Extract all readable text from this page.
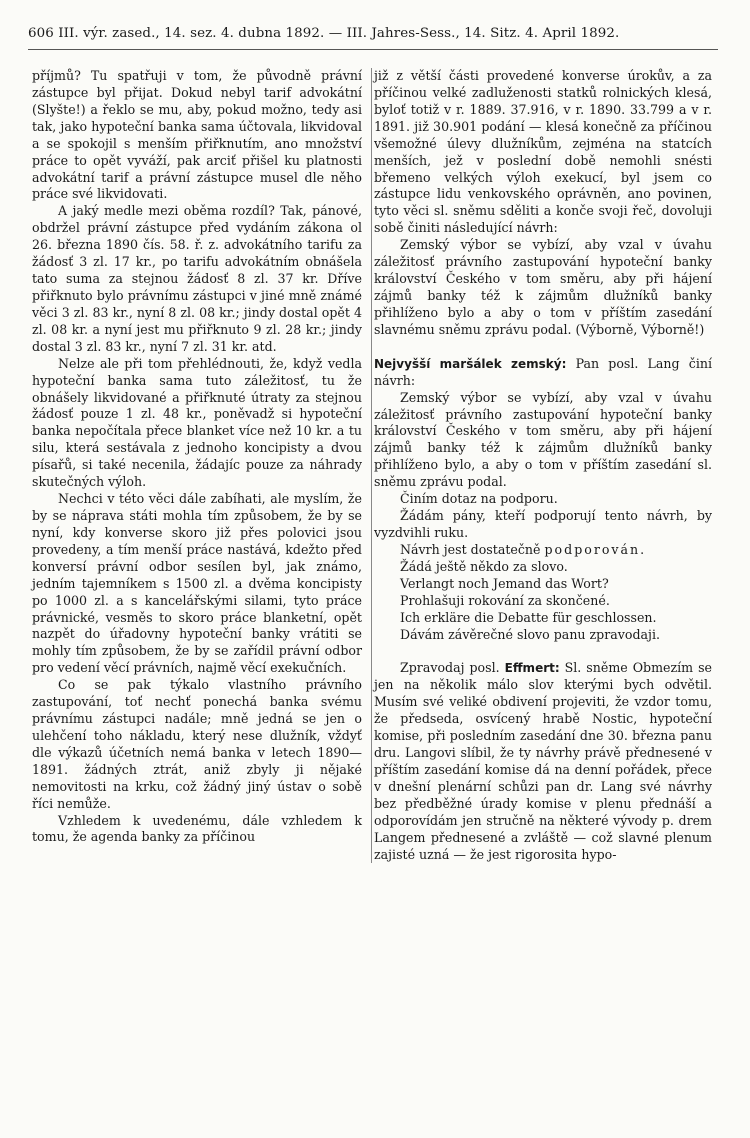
606 III. výr. zased., 14. sez. 4. dubna 1892. — III. Jahres-Sess., 14. Sitz. 4. April 1892.

příjmů? Tu spatřuji v tom, že původně právní zástupce byl přijat. Dokud nebyl tarif advokátní (Slyšte!) a řeklo se mu, aby, pokud možno, tedy asi tak, jako hypoteční banka sama účtovala, likvidoval a se spokojil s menším přiřknutím, ano množství práce to opět vyváží, pak arciť přišel ku platnosti advokátní tarif a právní zástupce musel dle něho práce své likvidovati.

A jaký medle mezi oběma rozdíl? Tak, pánové, obdržel právní zástupce před vydáním zákona ol 26. března 1890 čís. 58. ř. z. advokátního tarifu za žádosť 3 zl. 17 kr., po tarifu advokátním obnášela tato suma za stejnou žádosť 8 zl. 37 kr. Dříve přiřknuto bylo právnímu zástupci v jiné mně známé věci 3 zl. 83 kr., nyní 8 zl. 08 kr.; jindy dostal opět 4 zl. 08 kr. a nyní jest mu přiřknuto 9 zl. 28 kr.; jindy dostal 3 zl. 83 kr., nyní 7 zl. 31 kr. atd.

Nelze ale při tom přehlédnouti, že, když vedla hypoteční banka sama tuto záležitosť, tu že obnášely likvidované a přiřknuté útraty za stejnou žádosť pouze 1 zl. 48 kr., poněvadž si hypoteční banka nepočítala přece blanket více než 10 kr. a tu silu, která sestávala z jednoho koncipisty a dvou písařů, si také necenila, žádajíc pouze za náhrady skutečných výloh.

Nechci v této věci dále zabíhati, ale myslím, že by se náprava státi mohla tím způsobem, že by se nyní, kdy konverse skoro již přes polovici jsou provedeny, a tím menší práce nastává, kdežto před konversí právní odbor sesílen byl, jak známo, jedním tajemníkem s 1500 zl. a dvěma koncipisty po 1000 zl. a s kancelářskými silami, tyto práce právnické, vesměs to skoro práce blanketní, opět nazpět do úřadovny hypoteční banky vrátiti se mohly tím způsobem, že by se zařídil právní odbor pro vedení věcí právních, najmě věcí exekučních.

Co se pak týkalo vlastního právního zastupování, toť nechť ponechá banka svému právnímu zástupci nadále; mně jedná se jen o ulehčení toho nákladu, který nese dlužník, vždyť dle výkazů účetních nemá banka v letech 1890—1891. žádných ztrát, aniž zbyly ji nějaké nemovitosti na krku, což žádný jiný ústav o sobě říci nemůže.

Vzhledem k uvedenému, dále vzhledem k tomu, že agenda banky za příčinou

již z větší části provedené konverse úrokův, a za příčinou velké zadluženosti statků rolnických klesá, byloť totiž v r. 1889. 37.916, v r. 1890. 33.799 a v r. 1891. již 30.901 podání — klesá konečně za příčinou všemožné úlevy dlužníkům, zejména na statcích menších, jež v poslední době nemohli snésti břemeno velkých výloh exekucí, byl jsem co zástupce lidu venkovského oprávněn, ano povinen, tyto věci sl. sněmu sděliti a konče svoji řeč, dovoluji sobě činiti následující návrh:

Zemský výbor se vybízí, aby vzal v úvahu záležitosť právního zastupování hypoteční banky království Českého v tom směru, aby při hájení zájmů banky též k zájmům dlužníků banky přihlíženo bylo a aby o tom v příštím zasedání slavnému sněmu zprávu podal. (Výborně, Výborně!)

Nejvyšší maršálek zemský: Pan posl. Lang činí návrh:

Zemský výbor se vybízí, aby vzal v úvahu záležitosť právního zastupování hypoteční banky království Českého v tom směru, aby při hájení zájmů banky též k zájmům dlužníků banky přihlíženo bylo, a aby o tom v příštím zasedání sl. sněmu zprávu podal.

Činím dotaz na podporu.

Žádám pány, kteří podporují tento návrh, by vyzdvihli ruku.

Návrh jest dostatečně podporován.

Žádá ještě někdo za slovo.

Verlangt noch Jemand das Wort?

Prohlašuji rokování za skončené.

Ich erkläre die Debatte für geschlossen.

Dávám závěrečné slovo panu zpravodaji.

Zpravodaj posl. Effmert: Sl. sněme Obmezím se jen na několik málo slov kterými bych odvětil. Musím své veliké obdivení projeviti, že vzdor tomu, že předseda, osvícený hrabě Nostic, hypoteční komise, při posledním zasedání dne 30. března panu dru. Langovi slíbil, že ty návrhy právě přednesené v příštím zasedání komise dá na denní pořádek, přece v dnešní plenární schůzi pan dr. Lang své návrhy bez předběžné úrady komise v plenu přednáší a odporovídám jen stručně na některé vývody p. drem Langem přednesené a zvláště — což slavné plenum zajisté uzná — že jest rigorosita hypo-
